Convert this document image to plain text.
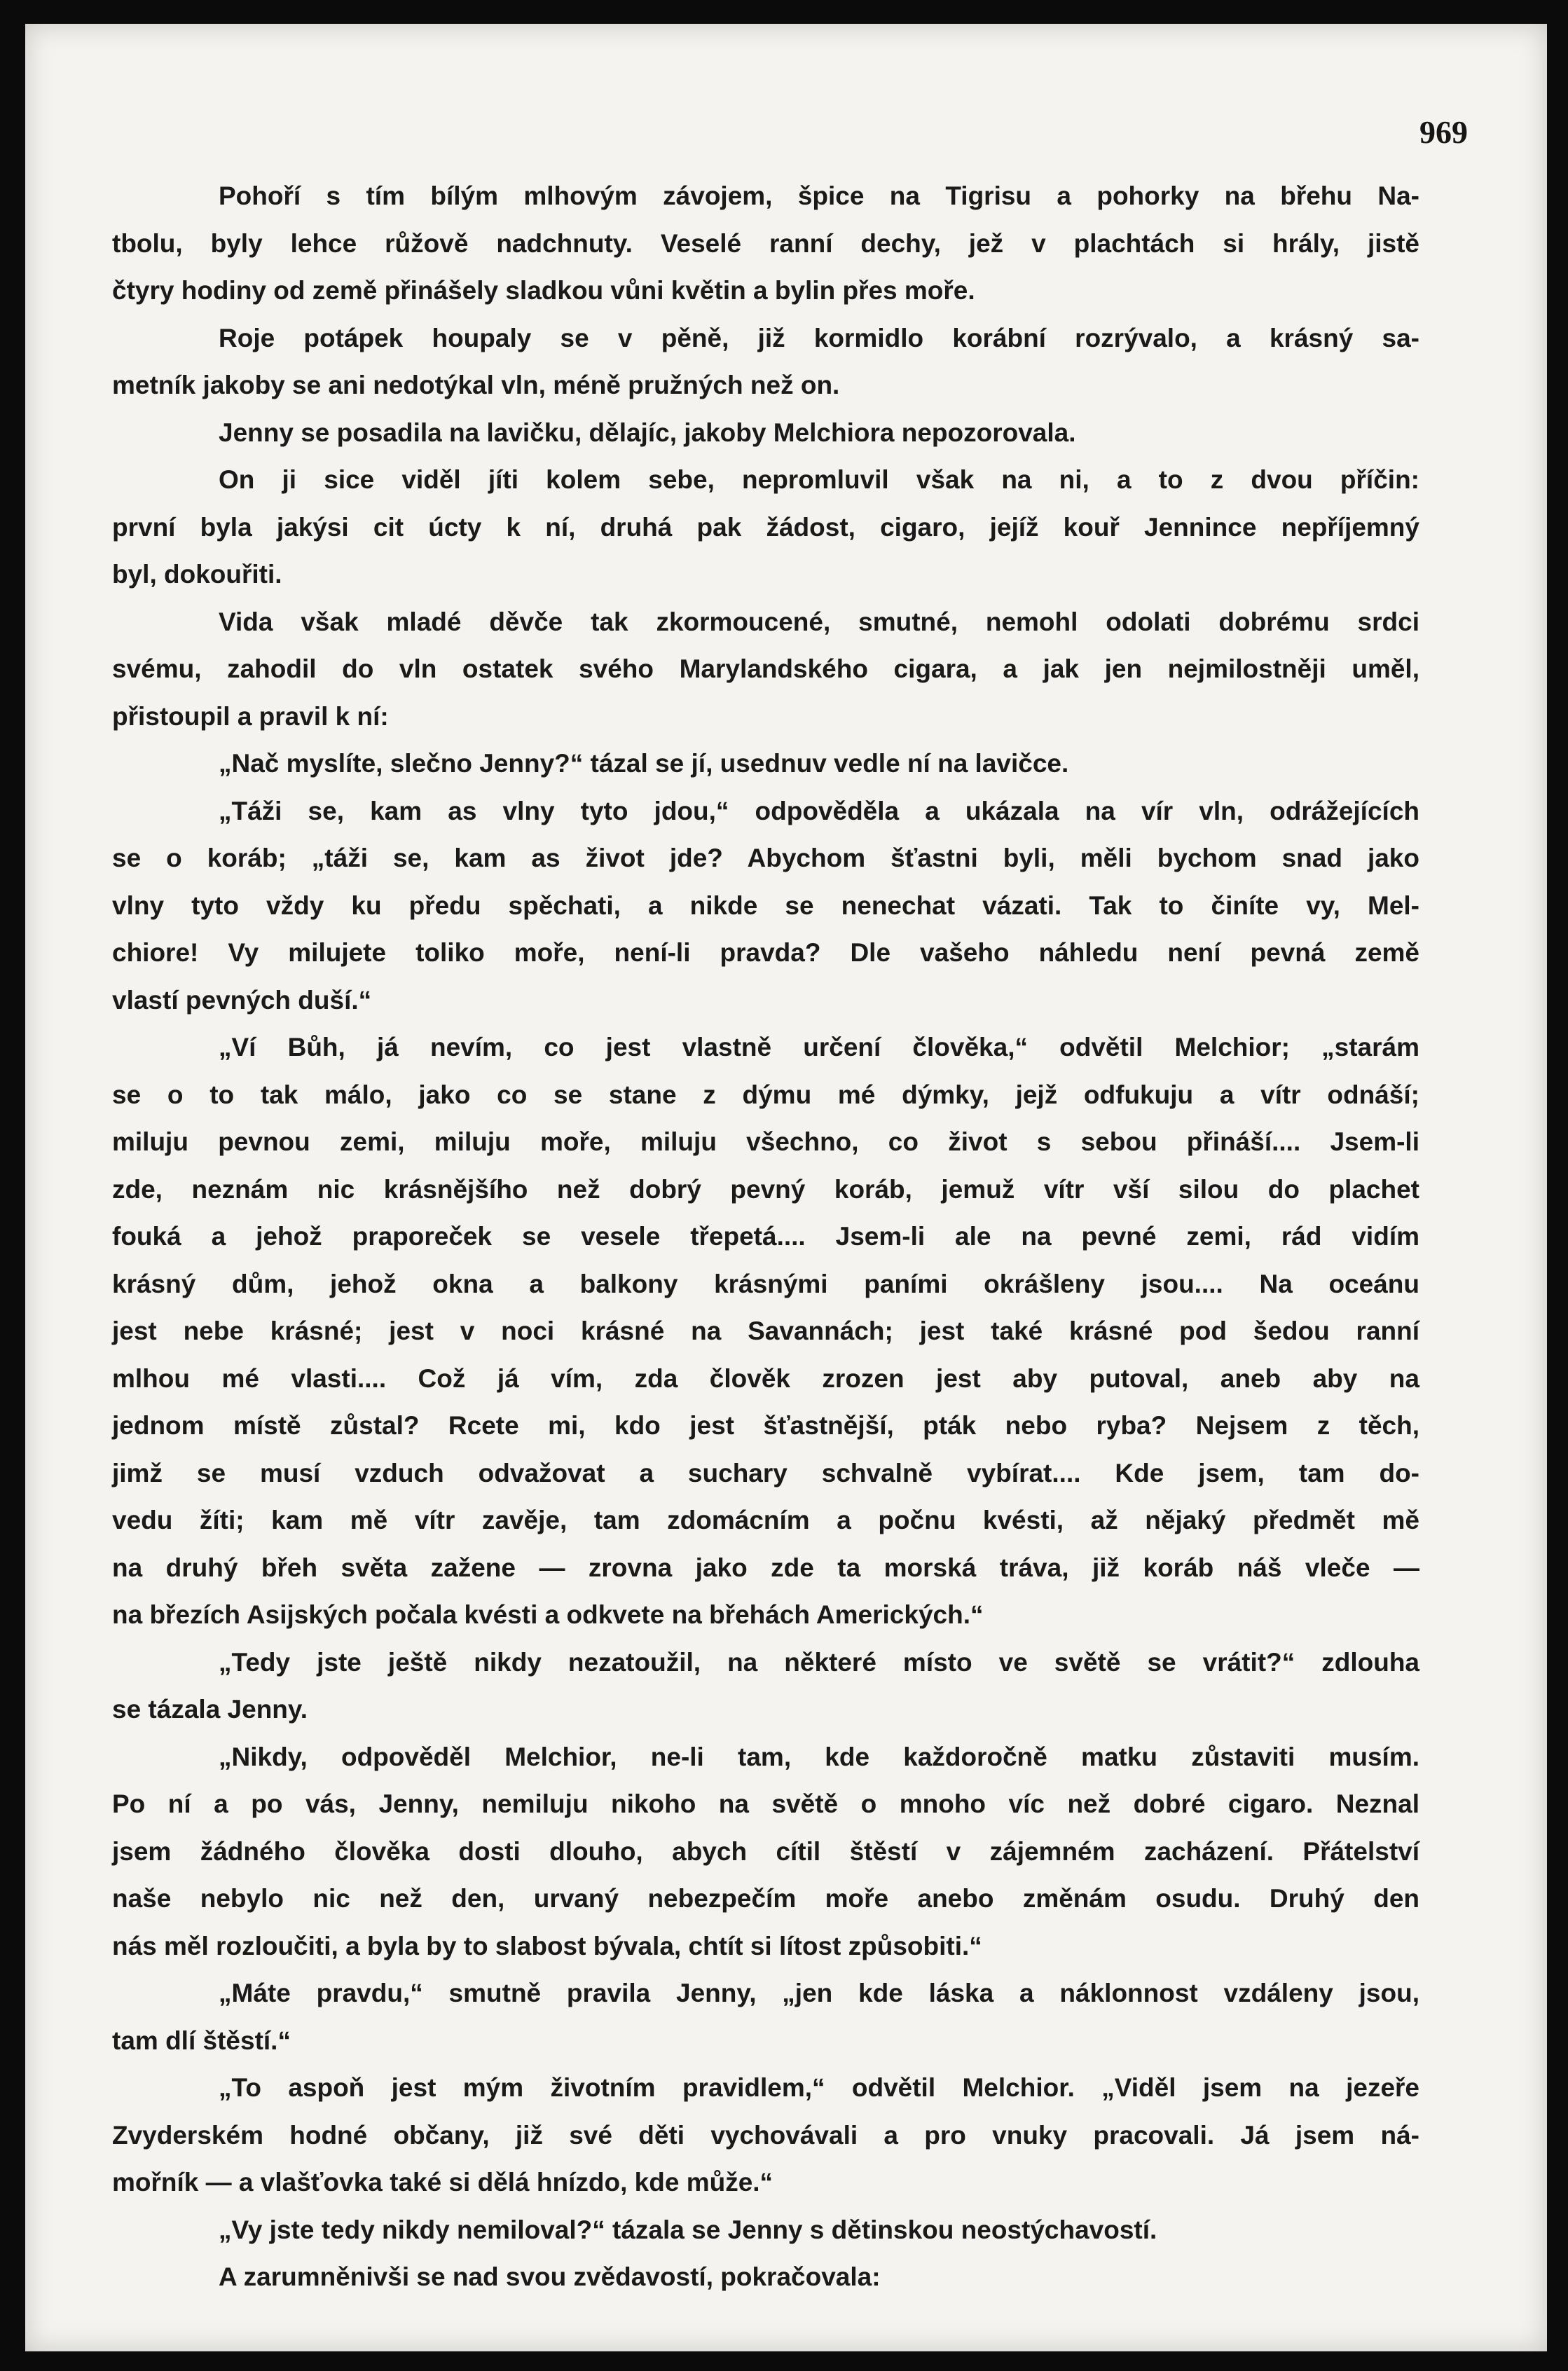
969

Pohoří s tím bílým mlhovým závojem, špice na Tigrisu a pohorky na břehu Na-
tbolu, byly lehce růžově nadchnuty. Veselé ranní dechy, jež v plachtách si hrály, jistě
čtyry hodiny od země přinášely sladkou vůni květin a bylin přes moře.
Roje potápek houpaly se v pěně, již kormidlo korábní rozrývalo, a krásný sa-
metník jakoby se ani nedotýkal vln, méně pružných než on.
Jenny se posadila na lavičku, dělajíc, jakoby Melchiora nepozorovala.
On ji sice viděl jíti kolem sebe, nepromluvil však na ni, a to z dvou příčin:
první byla jakýsi cit úcty k ní, druhá pak žádost, cigaro, jejíž kouř Jennince nepříjemný
byl, dokouřiti.
Vida však mladé děvče tak zkormoucené, smutné, nemohl odolati dobrému srdci
svému, zahodil do vln ostatek svého Marylandského cigara, a jak jen nejmilostněji uměl,
přistoupil a pravil k ní:
„Nač myslíte, slečno Jenny?“ tázal se jí, usednuv vedle ní na lavičce.
„Táži se, kam as vlny tyto jdou,“ odpověděla a ukázala na vír vln, odrážejících
se o koráb; „táži se, kam as život jde? Abychom šťastni byli, měli bychom snad jako
vlny tyto vždy ku předu spěchati, a nikde se nenechat vázati. Tak to činíte vy, Mel-
chiore! Vy milujete toliko moře, není-li pravda? Dle vašeho náhledu není pevná země
vlastí pevných duší.“
„Ví Bůh, já nevím, co jest vlastně určení člověka,“ odvětil Melchior; „starám
se o to tak málo, jako co se stane z dýmu mé dýmky, jejž odfukuju a vítr odnáší;
miluju pevnou zemi, miluju moře, miluju všechno, co život s sebou přináší.... Jsem-li
zde, neznám nic krásnějšího než dobrý pevný koráb, jemuž vítr vší silou do plachet
fouká a jehož praporeček se vesele třepetá.... Jsem-li ale na pevné zemi, rád vidím
krásný dům, jehož okna a balkony krásnými paními okrášleny jsou.... Na oceánu
jest nebe krásné; jest v noci krásné na Savannách; jest také krásné pod šedou ranní
mlhou mé vlasti.... Což já vím, zda člověk zrozen jest aby putoval, aneb aby na
jednom místě zůstal? Rcete mi, kdo jest šťastnější, pták nebo ryba? Nejsem z těch,
jimž se musí vzduch odvažovat a suchary schvalně vybírat.... Kde jsem, tam do-
vedu žíti; kam mě vítr zavěje, tam zdomácním a počnu kvésti, až nějaký předmět mě
na druhý břeh světa zažene — zrovna jako zde ta morská tráva, již koráb náš vleče —
na březích Asijských počala kvésti a odkvete na břehách Amerických.“
„Tedy jste ještě nikdy nezatoužil, na některé místo ve světě se vrátit?“ zdlouha
se tázala Jenny.
„Nikdy, odpověděl Melchior, ne-li tam, kde každoročně matku zůstaviti musím.
Po ní a po vás, Jenny, nemiluju nikoho na světě o mnoho víc než dobré cigaro. Neznal
jsem žádného člověka dosti dlouho, abych cítil štěstí v zájemném zacházení. Přátelství
naše nebylo nic než den, urvaný nebezpečím moře anebo změnám osudu. Druhý den
nás měl rozloučiti, a byla by to slabost bývala, chtít si lítost způsobiti.“
„Máte pravdu,“ smutně pravila Jenny, „jen kde láska a náklonnost vzdáleny jsou,
tam dlí štěstí.“
„To aspoň jest mým životním pravidlem,“ odvětil Melchior. „Viděl jsem na jezeře
Zvyderském hodné občany, již své děti vychovávali a pro vnuky pracovali. Já jsem ná-
mořník — a vlašťovka také si dělá hnízdo, kde může.“
„Vy jste tedy nikdy nemiloval?“ tázala se Jenny s dětinskou neostýchavostí.
A zarumněnivši se nad svou zvědavostí, pokračovala:
